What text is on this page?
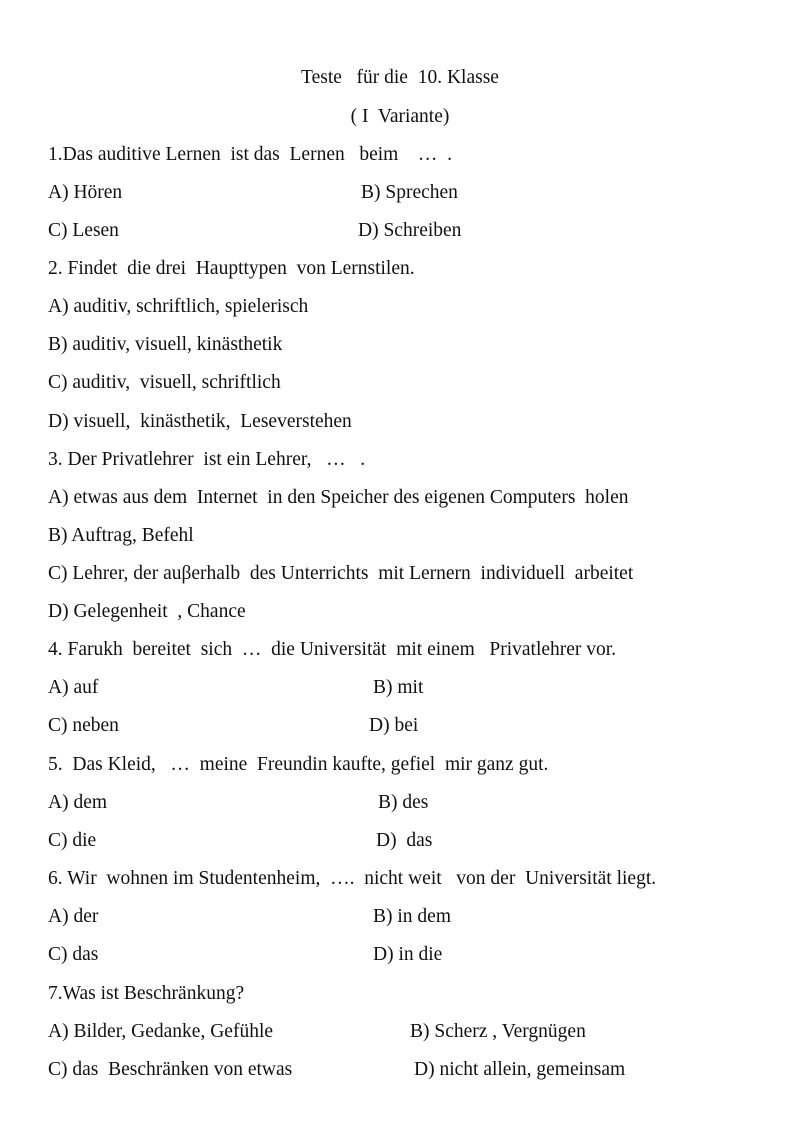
Teste   für die  10. Klasse
( I  Variante)
1.Das auditive Lernen  ist das  Lernen   beim    …  .
A) Hören	B) Sprechen
C) Lesen	D) Schreiben
2. Findet  die drei  Haupttypen  von Lernstilen.
A) auditiv, schriftlich, spielerisch
B) auditiv, visuell, kinästhetik
C) auditiv,  visuell, schriftlich
D) visuell,  kinästhetik,  Leseverstehen
3. Der Privatlehrer  ist ein Lehrer,   …   .
A) etwas aus dem  Internet  in den Speicher des eigenen Computers  holen
B) Auftrag, Befehl
C) Lehrer, der auβerhalb  des Unterrichts  mit Lernern  individuell  arbeitet
D) Gelegenheit  , Chance
4. Farukh  bereitet  sich  …  die Universität  mit einem   Privatlehrer vor.
A) auf	B) mit
C) neben	D) bei
5.  Das Kleid,   …  meine  Freundin kaufte, gefiel  mir ganz gut.
A) dem	B) des
C) die	D)  das
6. Wir  wohnen im Studentenheim,  ….  nicht weit   von der  Universität liegt.
A) der	B) in dem
C) das	D) in die
7.Was ist Beschränkung?
A) Bilder, Gedanke, Gefühle	B) Scherz , Vergnügen
C) das  Beschränken von etwas	D) nicht allein, gemeinsam
